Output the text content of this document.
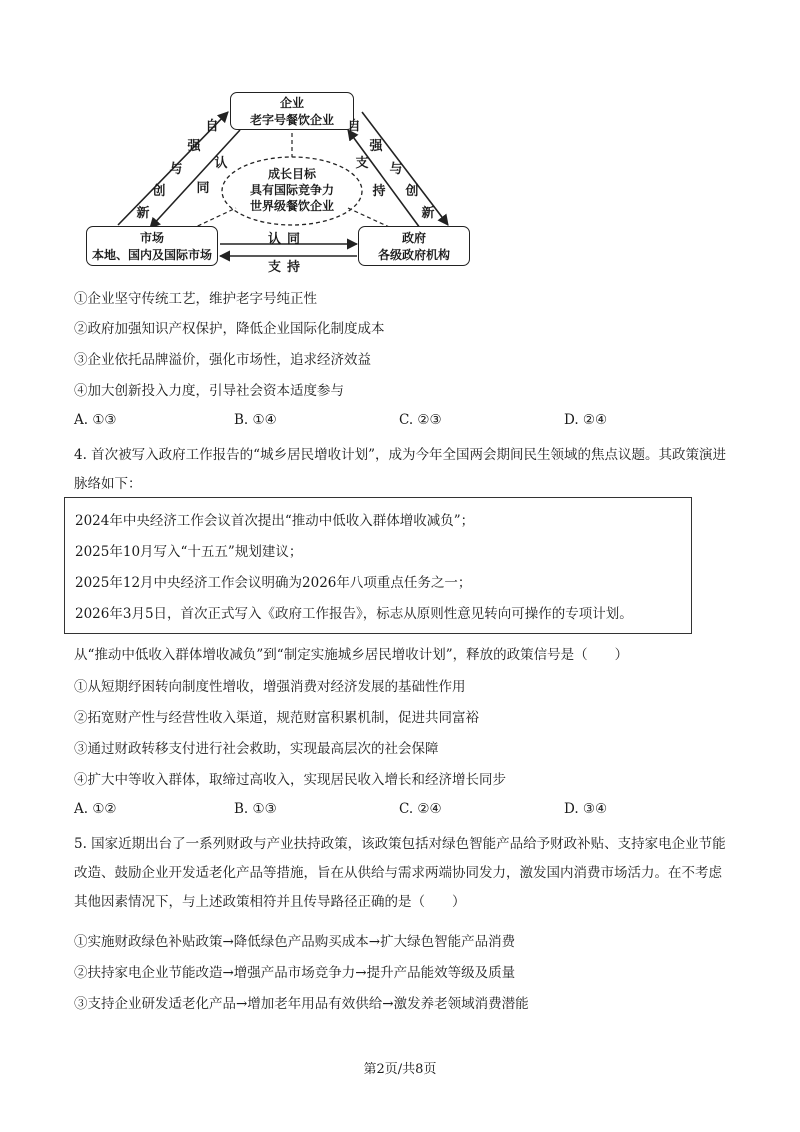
企业
老字号餐饮企业
市场
本地、国内及国际市场
政府
各级政府机构
成长目标
具有国际竞争力
世界级餐饮企业
自
强
与
创
新
认
同
支
持
自
强
与
创
新
认同
支持
①企业坚守传统工艺，维护老字号纯正性
②政府加强知识产权保护，降低企业国际化制度成本
③企业依托品牌溢价，强化市场性，追求经济效益
④加大创新投入力度，引导社会资本适度参与
A. ①③	B. ①④	C. ②③	D. ②④
4. 首次被写入政府工作报告的“城乡居民增收计划”，成为今年全国两会期间民生领域的焦点议题。其政策演进脉络如下：
2024年中央经济工作会议首次提出“推动中低收入群体增收减负”；
2025年10月写入“十五五”规划建议；
2025年12月中央经济工作会议明确为2026年八项重点任务之一；
2026年3月5日，首次正式写入《政府工作报告》，标志从原则性意见转向可操作的专项计划。
从“推动中低收入群体增收减负”到“制定实施城乡居民增收计划”，释放的政策信号是（　　）
①从短期纾困转向制度性增收，增强消费对经济发展的基础性作用
②拓宽财产性与经营性收入渠道，规范财富积累机制，促进共同富裕
③通过财政转移支付进行社会救助，实现最高层次的社会保障
④扩大中等收入群体，取缔过高收入，实现居民收入增长和经济增长同步
A. ①②	B. ①③	C. ②④	D. ③④
5. 国家近期出台了一系列财政与产业扶持政策，该政策包括对绿色智能产品给予财政补贴、支持家电企业节能改造、鼓励企业开发适老化产品等措施，旨在从供给与需求两端协同发力，激发国内消费市场活力。在不考虑其他因素情况下，与上述政策相符并且传导路径正确的是（　　）
①实施财政绿色补贴政策→降低绿色产品购买成本→扩大绿色智能产品消费
②扶持家电企业节能改造→增强产品市场竞争力→提升产品能效等级及质量
③支持企业研发适老化产品→增加老年用品有效供给→激发养老领域消费潜能
第2页/共8页
